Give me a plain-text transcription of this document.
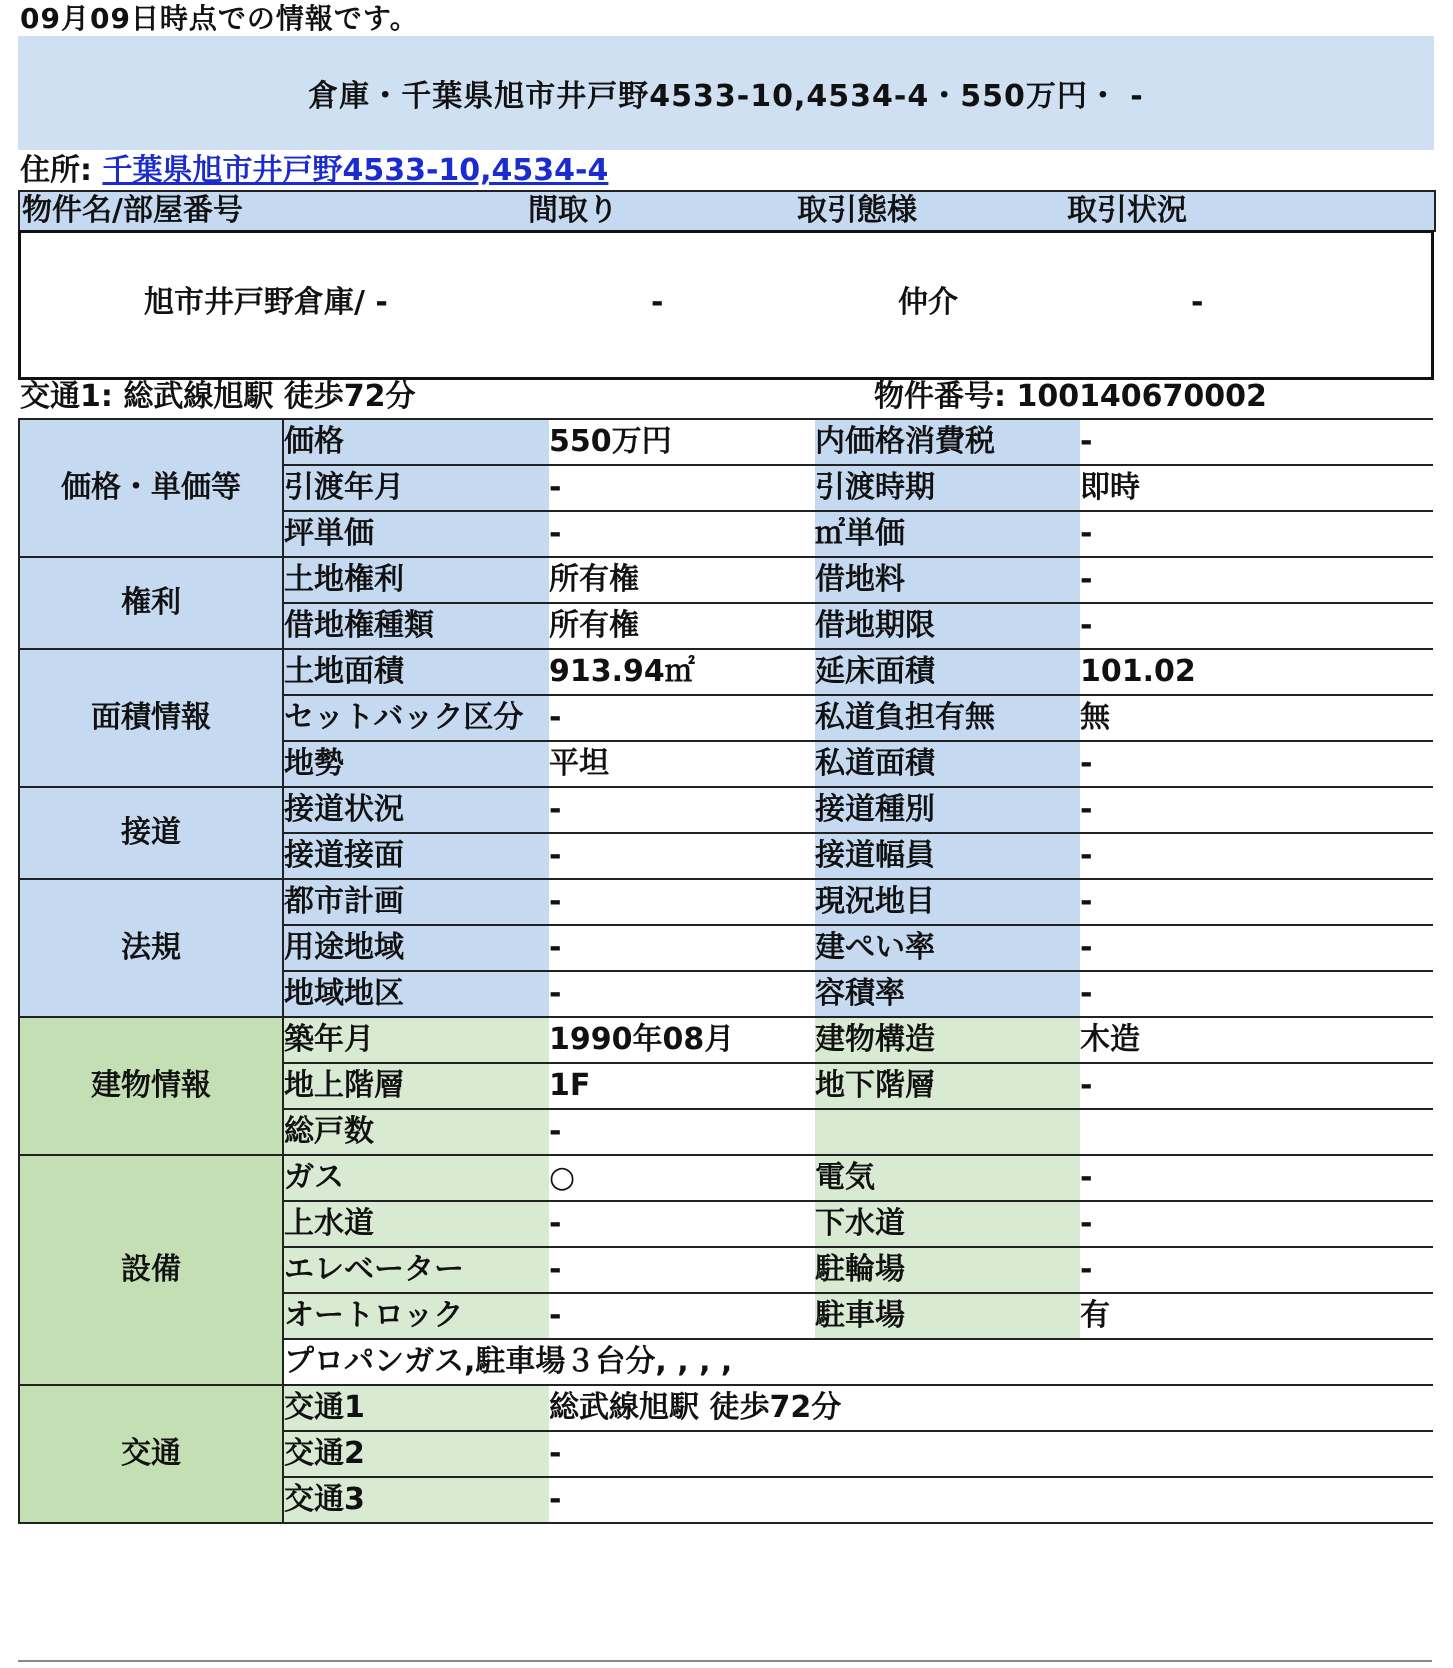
09月09日時点での情報です。
倉庫・千葉県旭市井戸野4533-10,4534-4・550万円・ -
住所: 千葉県旭市井戸野4533-10,4534-4
物件名/部屋番号	間取り	取引態様	取引状況
旭市井戸野倉庫/ -	-	仲介	-
交通1: 総武線旭駅 徒歩72分	物件番号: 100140670002
価格・単価等	価格	550万円	内価格消費税	-
	引渡年月	-	引渡時期	即時
	坪単価	-	㎡単価	-
権利	土地権利	所有権	借地料	-
	借地権種類	所有権	借地期限	-
面積情報	土地面積	913.94㎡	延床面積	101.02
	セットバック区分	-	私道負担有無	無
	地勢	平坦	私道面積	-
接道	接道状況	-	接道種別	-
	接道接面	-	接道幅員	-
法規	都市計画	-	現況地目	-
	用途地域	-	建ぺい率	-
	地域地区	-	容積率	-
建物情報	築年月	1990年08月	建物構造	木造
	地上階層	1F	地下階層	-
	総戸数	-		
設備	ガス	○	電気	-
	上水道	-	下水道	-
	エレベーター	-	駐輪場	-
	オートロック	-	駐車場	有
	プロパンガス,駐車場３台分, , , ,			
交通	交通1	総武線旭駅 徒歩72分		
	交通2	-		
	交通3	-		
